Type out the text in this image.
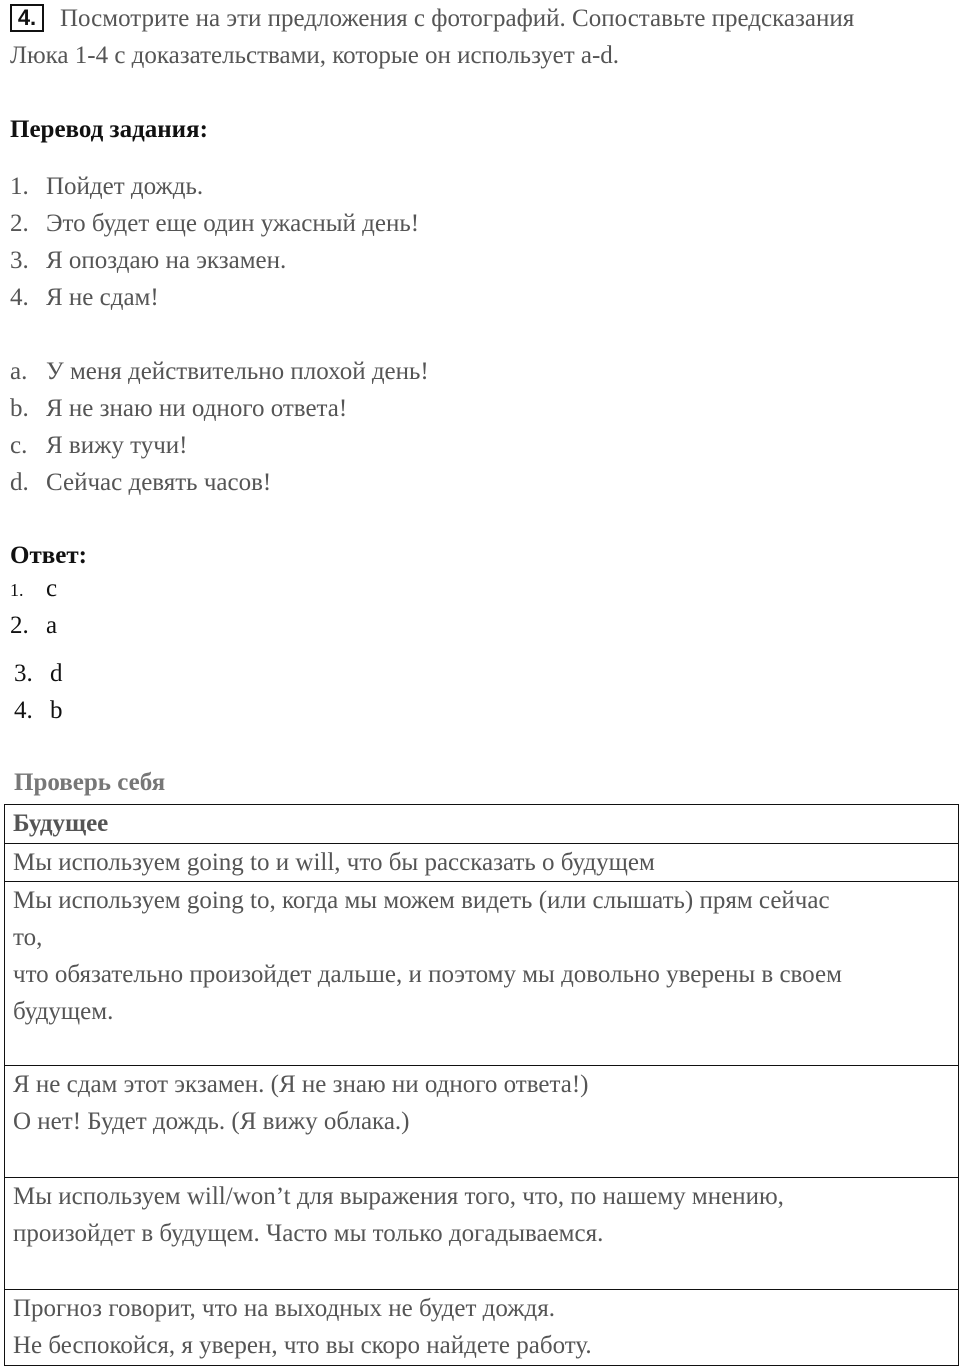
4. Посмотрите на эти предложения с фотографий. Сопоставьте предсказания
Люка 1-4 с доказательствами, которые он использует a-d.
Перевод задания:
1. Пойдет дождь.
2. Это будет еще один ужасный день!
3. Я опоздаю на экзамен.
4. Я не сдам!
a. У меня действительно плохой день!
b. Я не знаю ни одного ответа!
c. Я вижу тучи!
d. Сейчас девять часов!
Ответ:
1. c
2. a
3. d
4. b
Проверь себя
Будущее
Мы используем going to и will, что бы рассказать о будущем

Мы используем going to, когда мы можем видеть (или слышать) прям сейчас
то,
что обязательно произойдет дальше, и поэтому мы довольно уверены в своем
будущем.

Я не сдам этот экзамен. (Я не знаю ни одного ответа!)
О нет! Будет дождь. (Я вижу облака.)

Мы используем will/won’t для выражения того, что, по нашему мнению,
произойдет в будущем. Часто мы только догадываемся.

Прогноз говорит, что на выходных не будет дождя.
Не беспокойся, я уверен, что вы скоро найдете работу.
